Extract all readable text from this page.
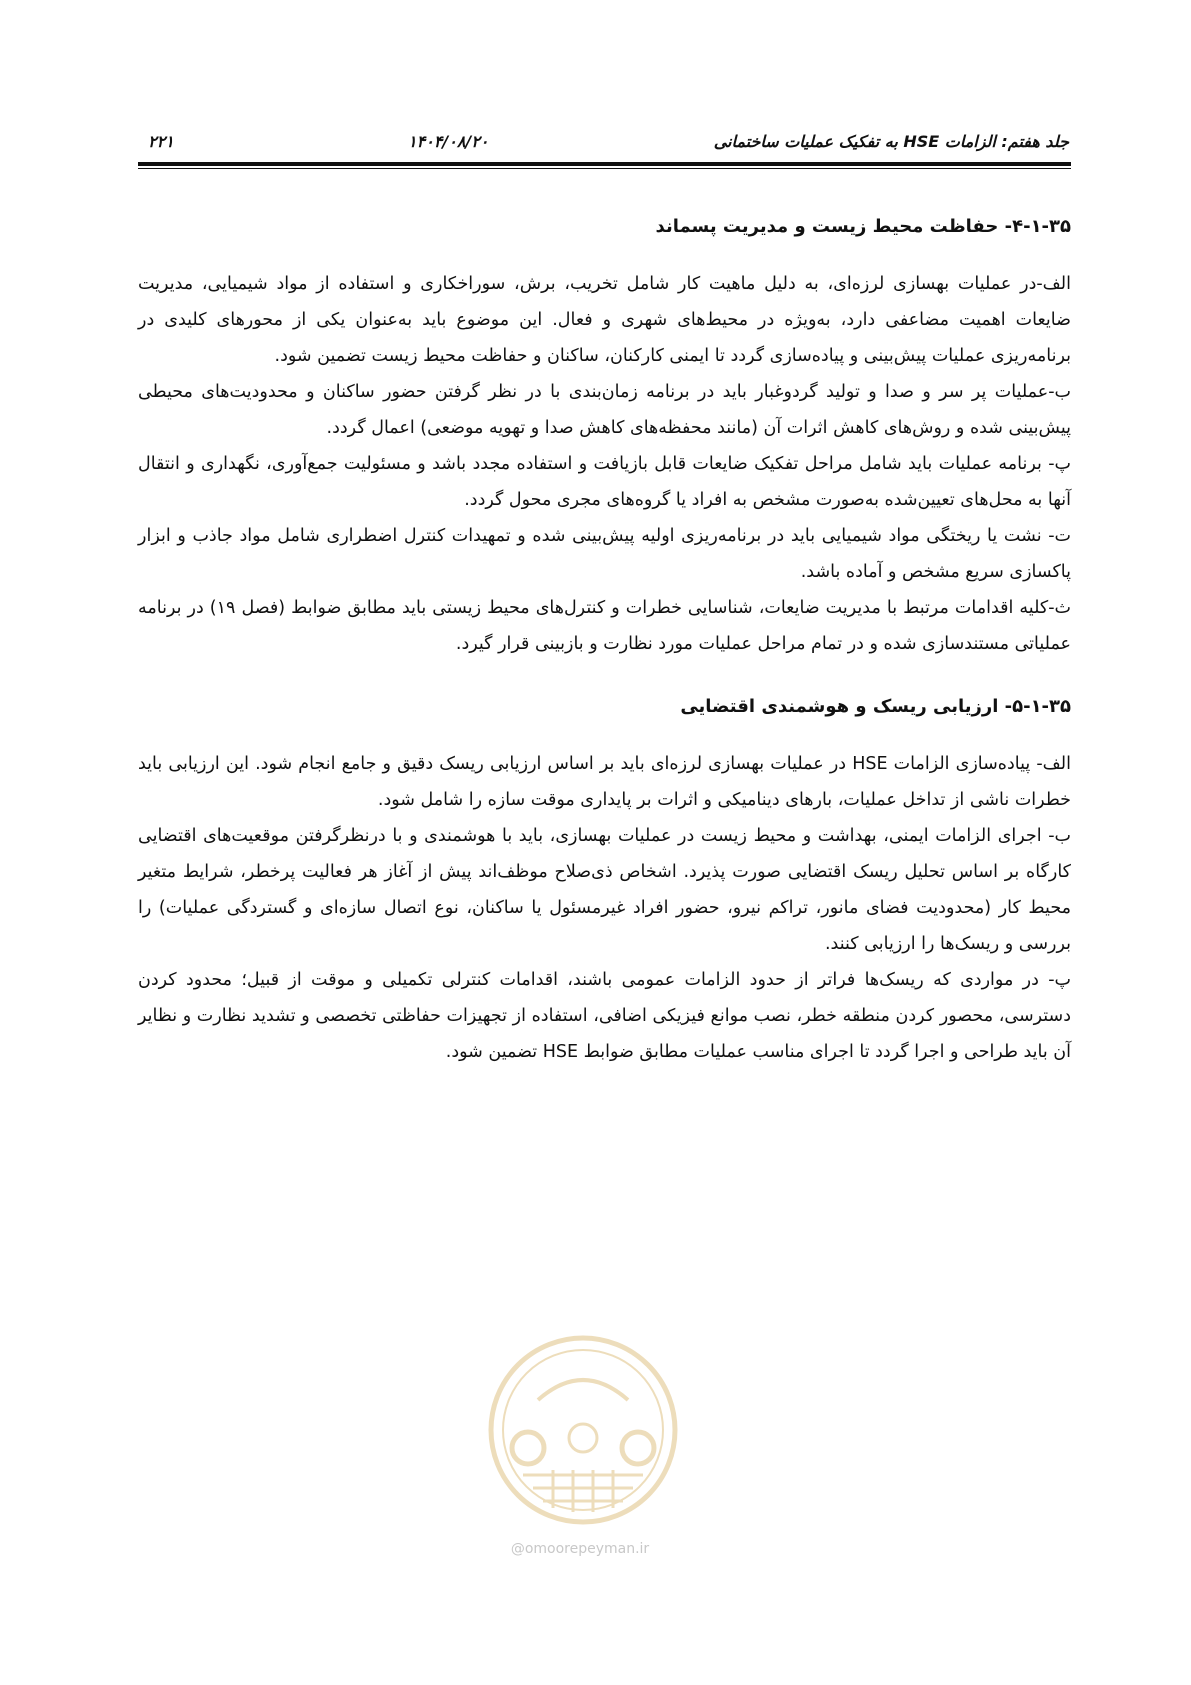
۲۲۱	۱۴۰۴/۰۸/۲۰	جلد هفتم: الزامات HSE به تفکیک عملیات ساختمانی
۴-۱-۳۵- حفاظت محیط زیست و مدیریت پسماند

الف-در عملیات بهسازی لرزه‌ای، به دلیل ماهیت کار شامل تخریب، برش، سوراخکاری و استفاده از مواد شیمیایی، مدیریت ضایعات اهمیت مضاعفی دارد، به‌ویژه در محیط‌های شهری و فعال. این موضوع باید به‌عنوان یکی از محورهای کلیدی در برنامه‌ریزی عملیات پیش‌بینی و پیاده‌سازی گردد تا ایمنی کارکنان، ساکنان و حفاظت محیط زیست تضمین شود.

ب-عملیات پر سر و صدا و تولید گردوغبار باید در برنامه زمان‌بندی با در نظر گرفتن حضور ساکنان و محدودیت‌های محیطی پیش‌بینی شده و روش‌های کاهش اثرات آن (مانند محفظه‌های کاهش صدا و تهویه موضعی) اعمال گردد.

پ- برنامه عملیات باید شامل مراحل تفکیک ضایعات قابل بازیافت و استفاده مجدد باشد و مسئولیت جمع‌آوری، نگهداری و انتقال آنها به محل‌های تعیین‌شده به‌صورت مشخص به افراد یا گروه‌های مجری محول گردد.

ت- نشت یا ریختگی مواد شیمیایی باید در برنامه‌ریزی اولیه پیش‌بینی شده و تمهیدات کنترل اضطراری شامل مواد جاذب و ابزار پاکسازی سریع مشخص و آماده باشد.

ث-کلیه اقدامات مرتبط با مدیریت ضایعات، شناسایی خطرات و کنترل‌های محیط زیستی باید مطابق ضوابط (فصل ۱۹) در برنامه عملیاتی مستندسازی شده و در تمام مراحل عملیات مورد نظارت و بازبینی قرار گیرد.

۵-۱-۳۵- ارزیابی ریسک و هوشمندی اقتضایی

الف- پیاده‌سازی الزامات HSE در عملیات بهسازی لرزه‌ای باید بر اساس ارزیابی ریسک دقیق و جامع انجام شود. این ارزیابی باید خطرات ناشی از تداخل عملیات، بارهای دینامیکی و اثرات بر پایداری موقت سازه را شامل شود.

ب- اجرای الزامات ایمنی، بهداشت و محیط زیست در عملیات بهسازی، باید با هوشمندی و با درنظرگرفتن موقعیت‌های اقتضایی کارگاه بر اساس تحلیل ریسک اقتضایی صورت پذیرد. اشخاص ذی‌صلاح موظف‌اند پیش از آغاز هر فعالیت پرخطر، شرایط متغیر محیط کار (محدودیت فضای مانور، تراکم نیرو، حضور افراد غیرمسئول یا ساکنان، نوع اتصال سازه‌ای و گستردگی عملیات) را بررسی و ریسک‌ها را ارزیابی کنند.

پ- در مواردی که ریسک‌ها فراتر از حدود الزامات عمومی باشند، اقدامات کنترلی تکمیلی و موقت از قبیل؛ محدود کردن دسترسی، محصور کردن منطقه خطر، نصب موانع فیزیکی اضافی، استفاده از تجهیزات حفاظتی تخصصی و تشدید نظارت و نظایر آن باید طراحی و اجرا گردد تا اجرای مناسب عملیات مطابق ضوابط HSE تضمین شود.

@omoorepeyman.ir
